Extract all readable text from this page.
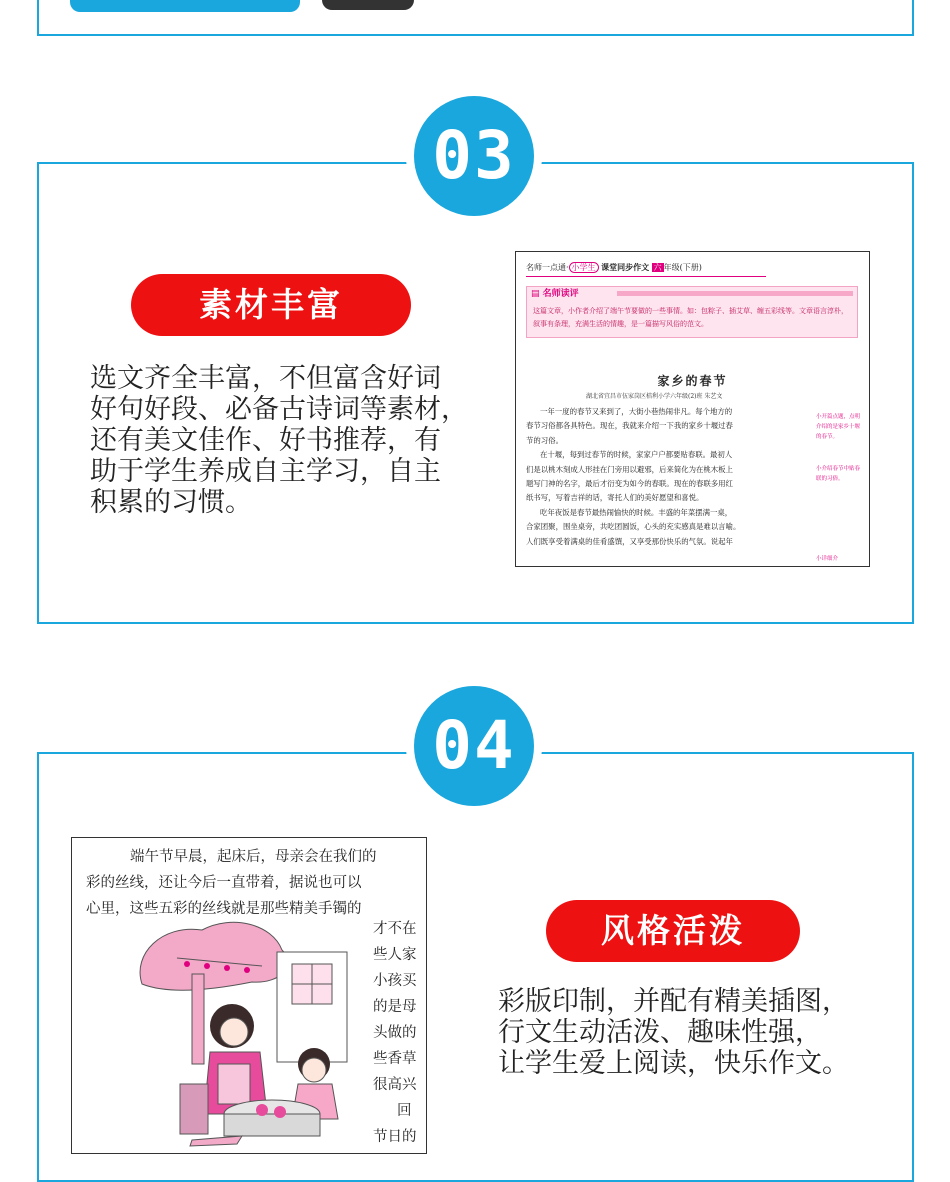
03
素材丰富
选文齐全丰富，不但富含好词
好句好段、必备古诗词等素材，
还有美文佳作、好书推荐，有
助于学生养成自主学习，自主
积累的习惯。
名师一点通· 小学生 课堂同步作文 六 年级(下册)
▤ 名师读评
这篇文章，小作者介绍了端午节要做的一些事情。如：包粽子、插艾草、缠五彩线等。文章语言淳朴，叙事有条理，充满生活的情趣，是一篇描写风俗的范文。
家乡的春节
湖北省宜昌市伍家岗区桔利小学六年级(2)班 朱艺文
一年一度的春节又来到了，大街小巷热闹非凡。每个地方的
春节习俗都各具特色。现在，我就来介绍一下我的家乡十堰过春
节的习俗。
在十堰，每到过春节的时候，家家户户都要贴春联。最初人
们是以桃木刻成人形挂在门旁用以避邪，后来简化为在桃木板上
题写门神的名字，最后才衍变为如今的春联。现在的春联多用红
纸书写，写着吉祥的话，寄托人们的美好愿望和喜悦。
吃年夜饭是春节最热闹愉快的时候。丰盛的年菜摆满一桌，
合家团聚，围坐桌旁，共吃团圆饭，心头的充实感真是难以言喻。
人们既享受着满桌的佳肴盛馔，又享受那份快乐的气氛。说起年
小开篇点题，点明介绍的是家乡十堰的春节。
小介绍春节中贴春联的习俗。
小详细介
04
风格活泼
彩版印制，并配有精美插图，
行文生动活泼、趣味性强，
让学生爱上阅读，快乐作文。
端午节早晨，起床后，母亲会在我们的
彩的丝线，还让今后一直带着，据说也可以
心里，这些五彩的丝线就是那些精美手镯的
才不在
些人家
小孩买
的是母
头做的
些香草
很高兴
回
节日的
